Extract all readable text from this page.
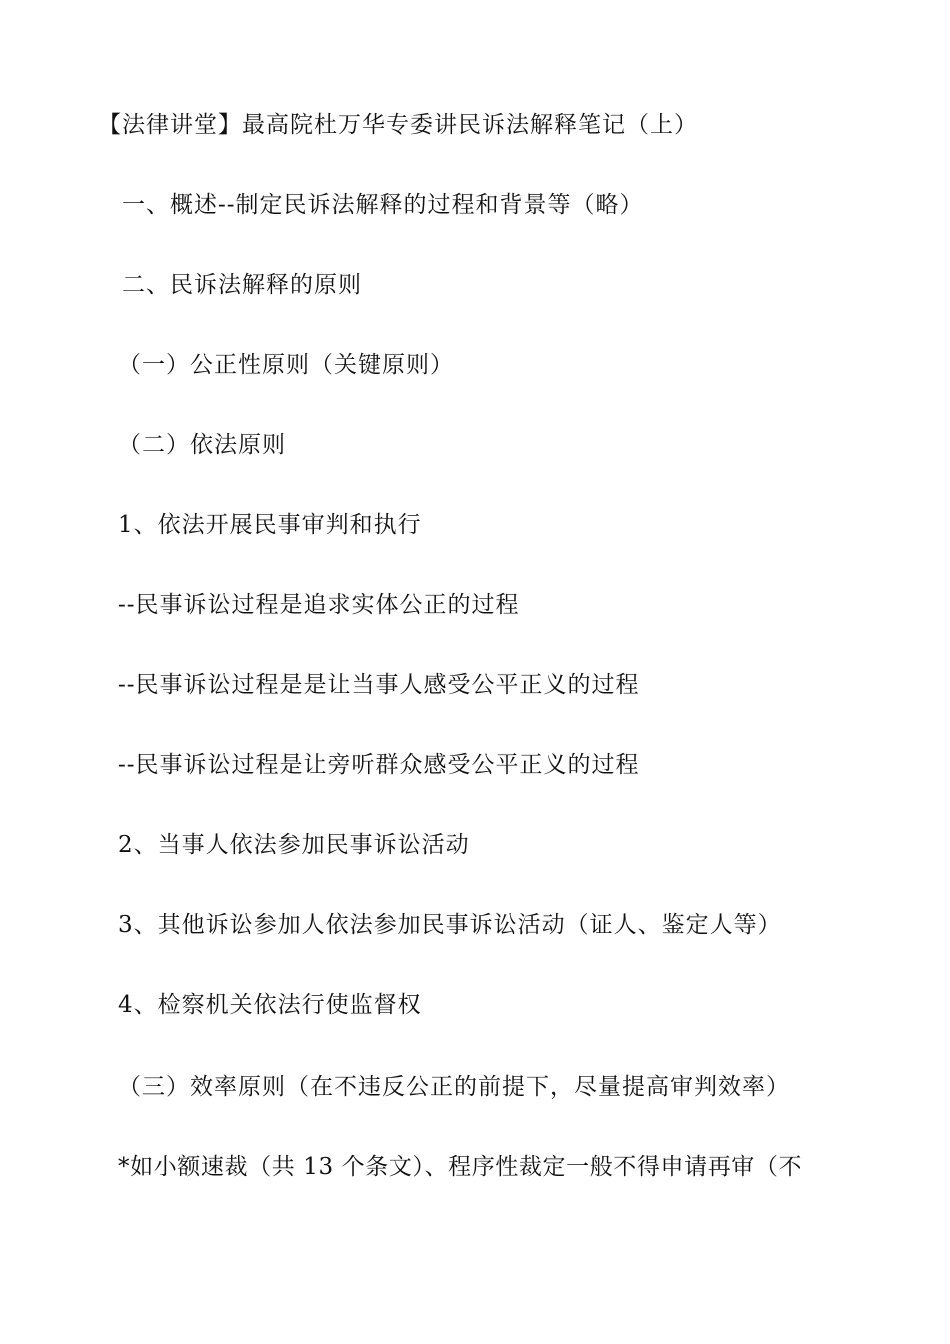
【法律讲堂】最高院杜万华专委讲民诉法解释笔记（上）
一、概述--制定民诉法解释的过程和背景等（略）
二、民诉法解释的原则
（一）公正性原则（关键原则）
（二）依法原则
1、依法开展民事审判和执行
--民事诉讼过程是追求实体公正的过程
--民事诉讼过程是是让当事人感受公平正义的过程
--民事诉讼过程是让旁听群众感受公平正义的过程
2、当事人依法参加民事诉讼活动
3、其他诉讼参加人依法参加民事诉讼活动（证人、鉴定人等）
4、检察机关依法行使监督权
（三）效率原则（在不违反公正的前提下，尽量提高审判效率）
*如小额速裁（共 13 个条文）、程序性裁定一般不得申请再审（不
